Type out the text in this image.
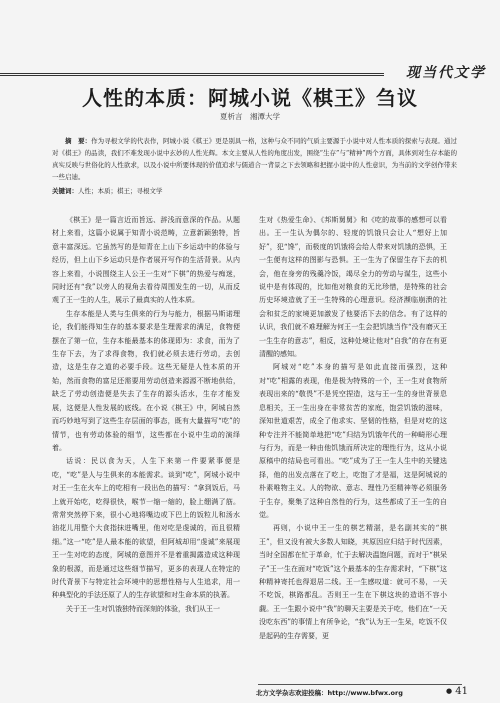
现当代文学
人性的本质：阿城小说《棋王》刍议
夏析言　湘潭大学
摘　要：作为寻根文学的代表作，阿城小说《棋王》更是别具一格，这种与众不同的气质主要源于小说中对人性本质的探索与表现。通过对《棋王》的品读，我们不难发现小说中玄妙的人性光辉。本文主要从人性的角度出发，围绕“生存”与“精神”两个方面，具体到对生存本能的真实反映与世俗化的人性欲求，以及小说中所要体现的价值追求与儒道合一背景之下去领略和把握小说中的人性意识，为当前的文学创作带来一些启迪。
关键词：人性；本质；棋王；寻根文学

《棋王》是一篇言近而旨远、辞浅而意深的作品。从题材上来看，这篇小说属于知青小说范畴，立意新颖独特，旨意丰富深远。它虽然写的是知青在上山下乡运动中的体验与经历，但上山下乡运动只是作者展开写作的生活背景。从内容上来看，小说围绕主人公王一生对“下棋”的热爱与痴迷，同时还有“我”以旁人的视角去看待周围发生的一切，从而反观了王一生的人生，展示了最真实的人性本质。

生存本能是人类与生俱来的行为与能力，根据马斯诺理论，我们能得知生存的基本要求是生理需求的满足，食物便摆在了第一位，生存本能最基本的体现即为：求食，而为了生存下去，为了求得食物，我们就必须去进行劳动，去创造，这是生存之道的必要手段。这些无疑是人性本质的开始，然而食物的富足还需要用劳动创造来源源不断地供给，缺乏了劳动创造便是失去了生存的源头活水，生存才能发展，这便是人性发展的底线。在小说《棋王》中，阿城自然而巧妙地写到了这些生存层面的事态，既有大量描写“吃”的情节，也有劳动体验的细节，这些都在小说中生动的演绎着。

话说：民以食为天，人生下来第一件要紧事便是吃，“吃”是人与生俱来的本能需求。谈到“吃”，阿城小说中对王一生在火车上的吃相有一段出色的描写：“拿到饭后，马上就开始吃，吃得很快，喉节一缩一缩的，脸上绷满了筋。常常突然停下来，很小心地将嘴边或下巴上的饭粒儿和汤水油花儿用整个大食指抹进嘴里，他对吃是虔诚的，而且很精细。”这一“吃”是人最本能的欲望，但阿城却用“虔诚”来展现王一生对吃的态度，阿城的意图并不是着重揭露造成这种现象的根源，而是通过这些细节描写，更多的表现人在特定的时代背景下与特定社会环境中的思想性格与人生追求，用一种典型化的手法还原了人的生存欲望和对生命本质的执著。

关于王一生对饥饿独特而深刻的体验，我们从王一

生对《热爱生命》、《邦斯舅舅》和《吃的故事的感想可以看出。王一生认为偶尔的、轻度的饥饿只会让人“想好上加好”，犯“馋”，而极度的饥饿将会给人带来对饥饿的恐惧，王一生便有这样的图影与恐惧。王一生为了保留生存下去的机会，他在身旁的残羹冷饭，竭尽全力的劳动与谋生，这些小说中是有体现的，比如他对粮食的无比珍惜，是特殊的社会历史环境造就了王一生特殊的心理意识。经济濒临崩溃的社会和贫乏的家境更加激发了他要活下去的信念。有了这样的认识，我们就不难理解为何王一生会把饥饿当作“没有磨灭王一生生存的意志”，相反，这种处境让他对“自我”的存在有更清醒的感知。

阿城对“吃”本身的描写是如此直接而强烈，这种对“吃”相露的表现，他是极为特殊的一个，王一生对食物所表现出来的“敬畏”不是凭空捏造，这与王一生的身世背景息息相关，王一生出身在非常贫苦的家庭，饱尝饥饿的滋味，深知世道艰苦，成全了他求实、坚韧的性格，但是对吃的这种专注并不能简单地把“吃”归结为饥饿年代的一种畸形心理与行为，而是一种由他饥饿而所决定的理性行为，这从小说原稿中的结局也可看出。“吃”成为了王一生人生中的关键选择，他的出发点落在了吃上，吃饱了才是福，这是阿城说的朴素唯物主义。人的物欲、意志、理性乃至精神等必须服务于生存，聚集了这种自然性的行为，这些都成了王一生的自觉。

再则，小说中王一生的棋艺精湛，是名副其实的“棋王”，但又没有被大多数人知晓，其原因应归结于时代因素，当时全国都在忙于革命，忙于去解决温饱问题，而对于“棋呆子”王一生在面对“吃饭”这个最基本的生存需求时，“下棋”这种精神寄托也得退居二线。王一生感叹道：就可不易，一天不吃饭，棋路都乱。否则王一生在下棋这块的造诣不容小觑。王一生跟小说中“我”的聊天主要是关于吃，他们在“一天没吃东西”的事情上有所争论，“我”认为王一生呆，吃饭不仅是起码的生存需要，更

北方文学杂志欢迎投稿：http://www.bfwx.org	● 41
